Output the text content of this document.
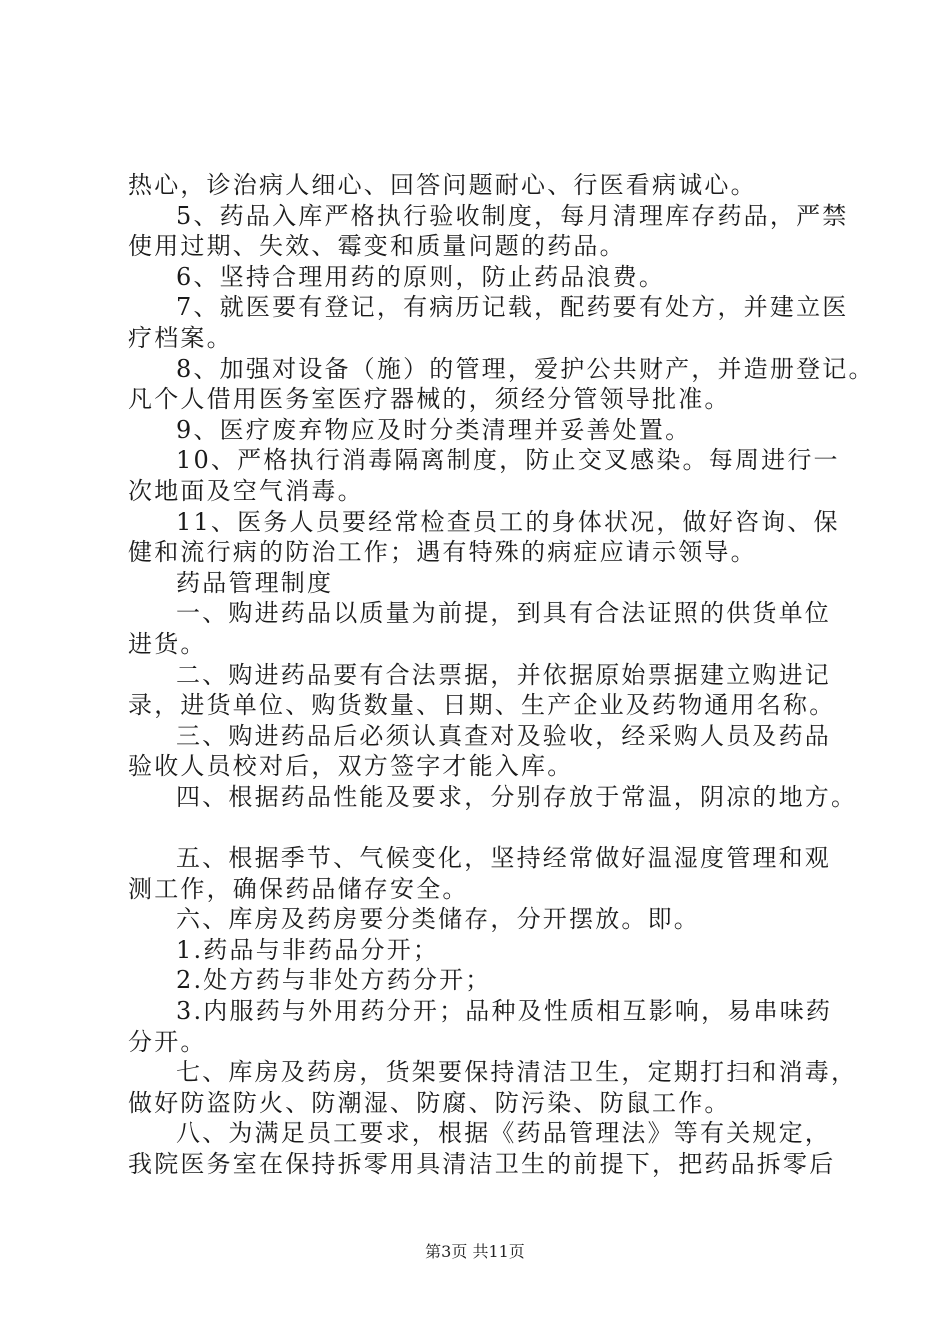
热心，诊治病人细心、回答问题耐心、行医看病诚心。
5、药品入库严格执行验收制度，每月清理库存药品，严禁
使用过期、失效、霉变和质量问题的药品。
6、坚持合理用药的原则，防止药品浪费。
7、就医要有登记，有病历记载，配药要有处方，并建立医
疗档案。
8、加强对设备（施）的管理，爱护公共财产，并造册登记。
凡个人借用医务室医疗器械的，须经分管领导批准。
9、医疗废弃物应及时分类清理并妥善处置。
10、严格执行消毒隔离制度，防止交叉感染。每周进行一
次地面及空气消毒。
11、医务人员要经常检查员工的身体状况，做好咨询、保
健和流行病的防治工作；遇有特殊的病症应请示领导。
药品管理制度
一、购进药品以质量为前提，到具有合法证照的供货单位
进货。
二、购进药品要有合法票据，并依据原始票据建立购进记
录，进货单位、购货数量、日期、生产企业及药物通用名称。
三、购进药品后必须认真查对及验收，经采购人员及药品
验收人员校对后，双方签字才能入库。
四、根据药品性能及要求，分别存放于常温，阴凉的地方。
五、根据季节、气候变化，坚持经常做好温湿度管理和观
测工作，确保药品储存安全。
六、库房及药房要分类储存，分开摆放。即。
1.药品与非药品分开；
2.处方药与非处方药分开；
3.内服药与外用药分开；品种及性质相互影响，易串味药
分开。
七、库房及药房，货架要保持清洁卫生，定期打扫和消毒，
做好防盗防火、防潮湿、防腐、防污染、防鼠工作。
八、为满足员工要求，根据《药品管理法》等有关规定，
我院医务室在保持拆零用具清洁卫生的前提下，把药品拆零后
第3页 共11页
